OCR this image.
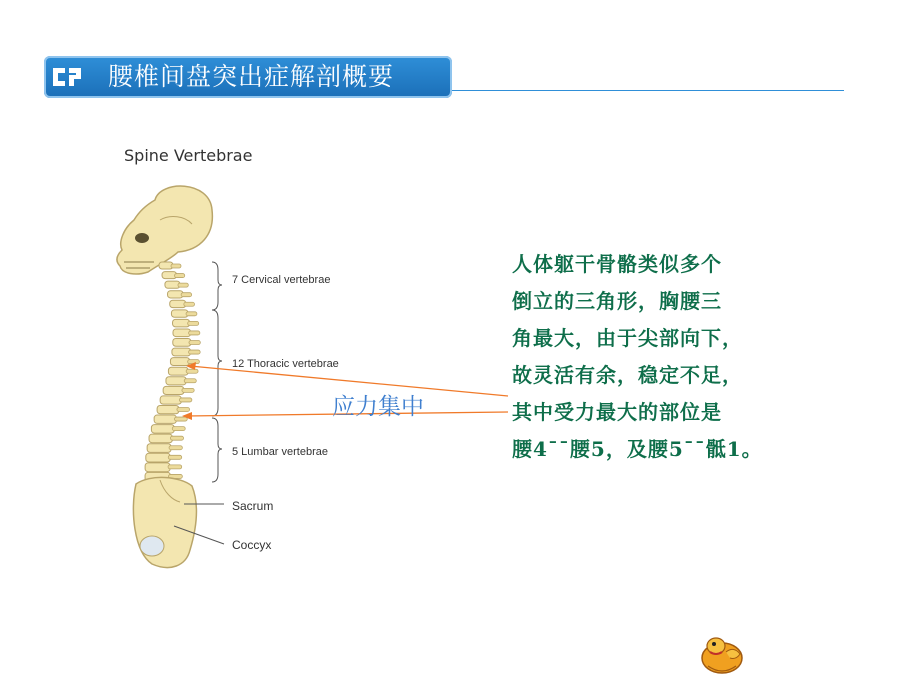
腰椎间盘突出症解剖概要
Spine Vertebrae
7 Cervical vertebrae
12 Thoracic vertebrae
5 Lumbar vertebrae
Sacrum
Coccyx
应力集中
人体躯干骨骼类似多个
倒立的三角形，胸腰三
角最大，由于尖部向下，
故灵活有余，稳定不足，
其中受力最大的部位是
腰4¯¯腰5，及腰5¯¯骶1。
